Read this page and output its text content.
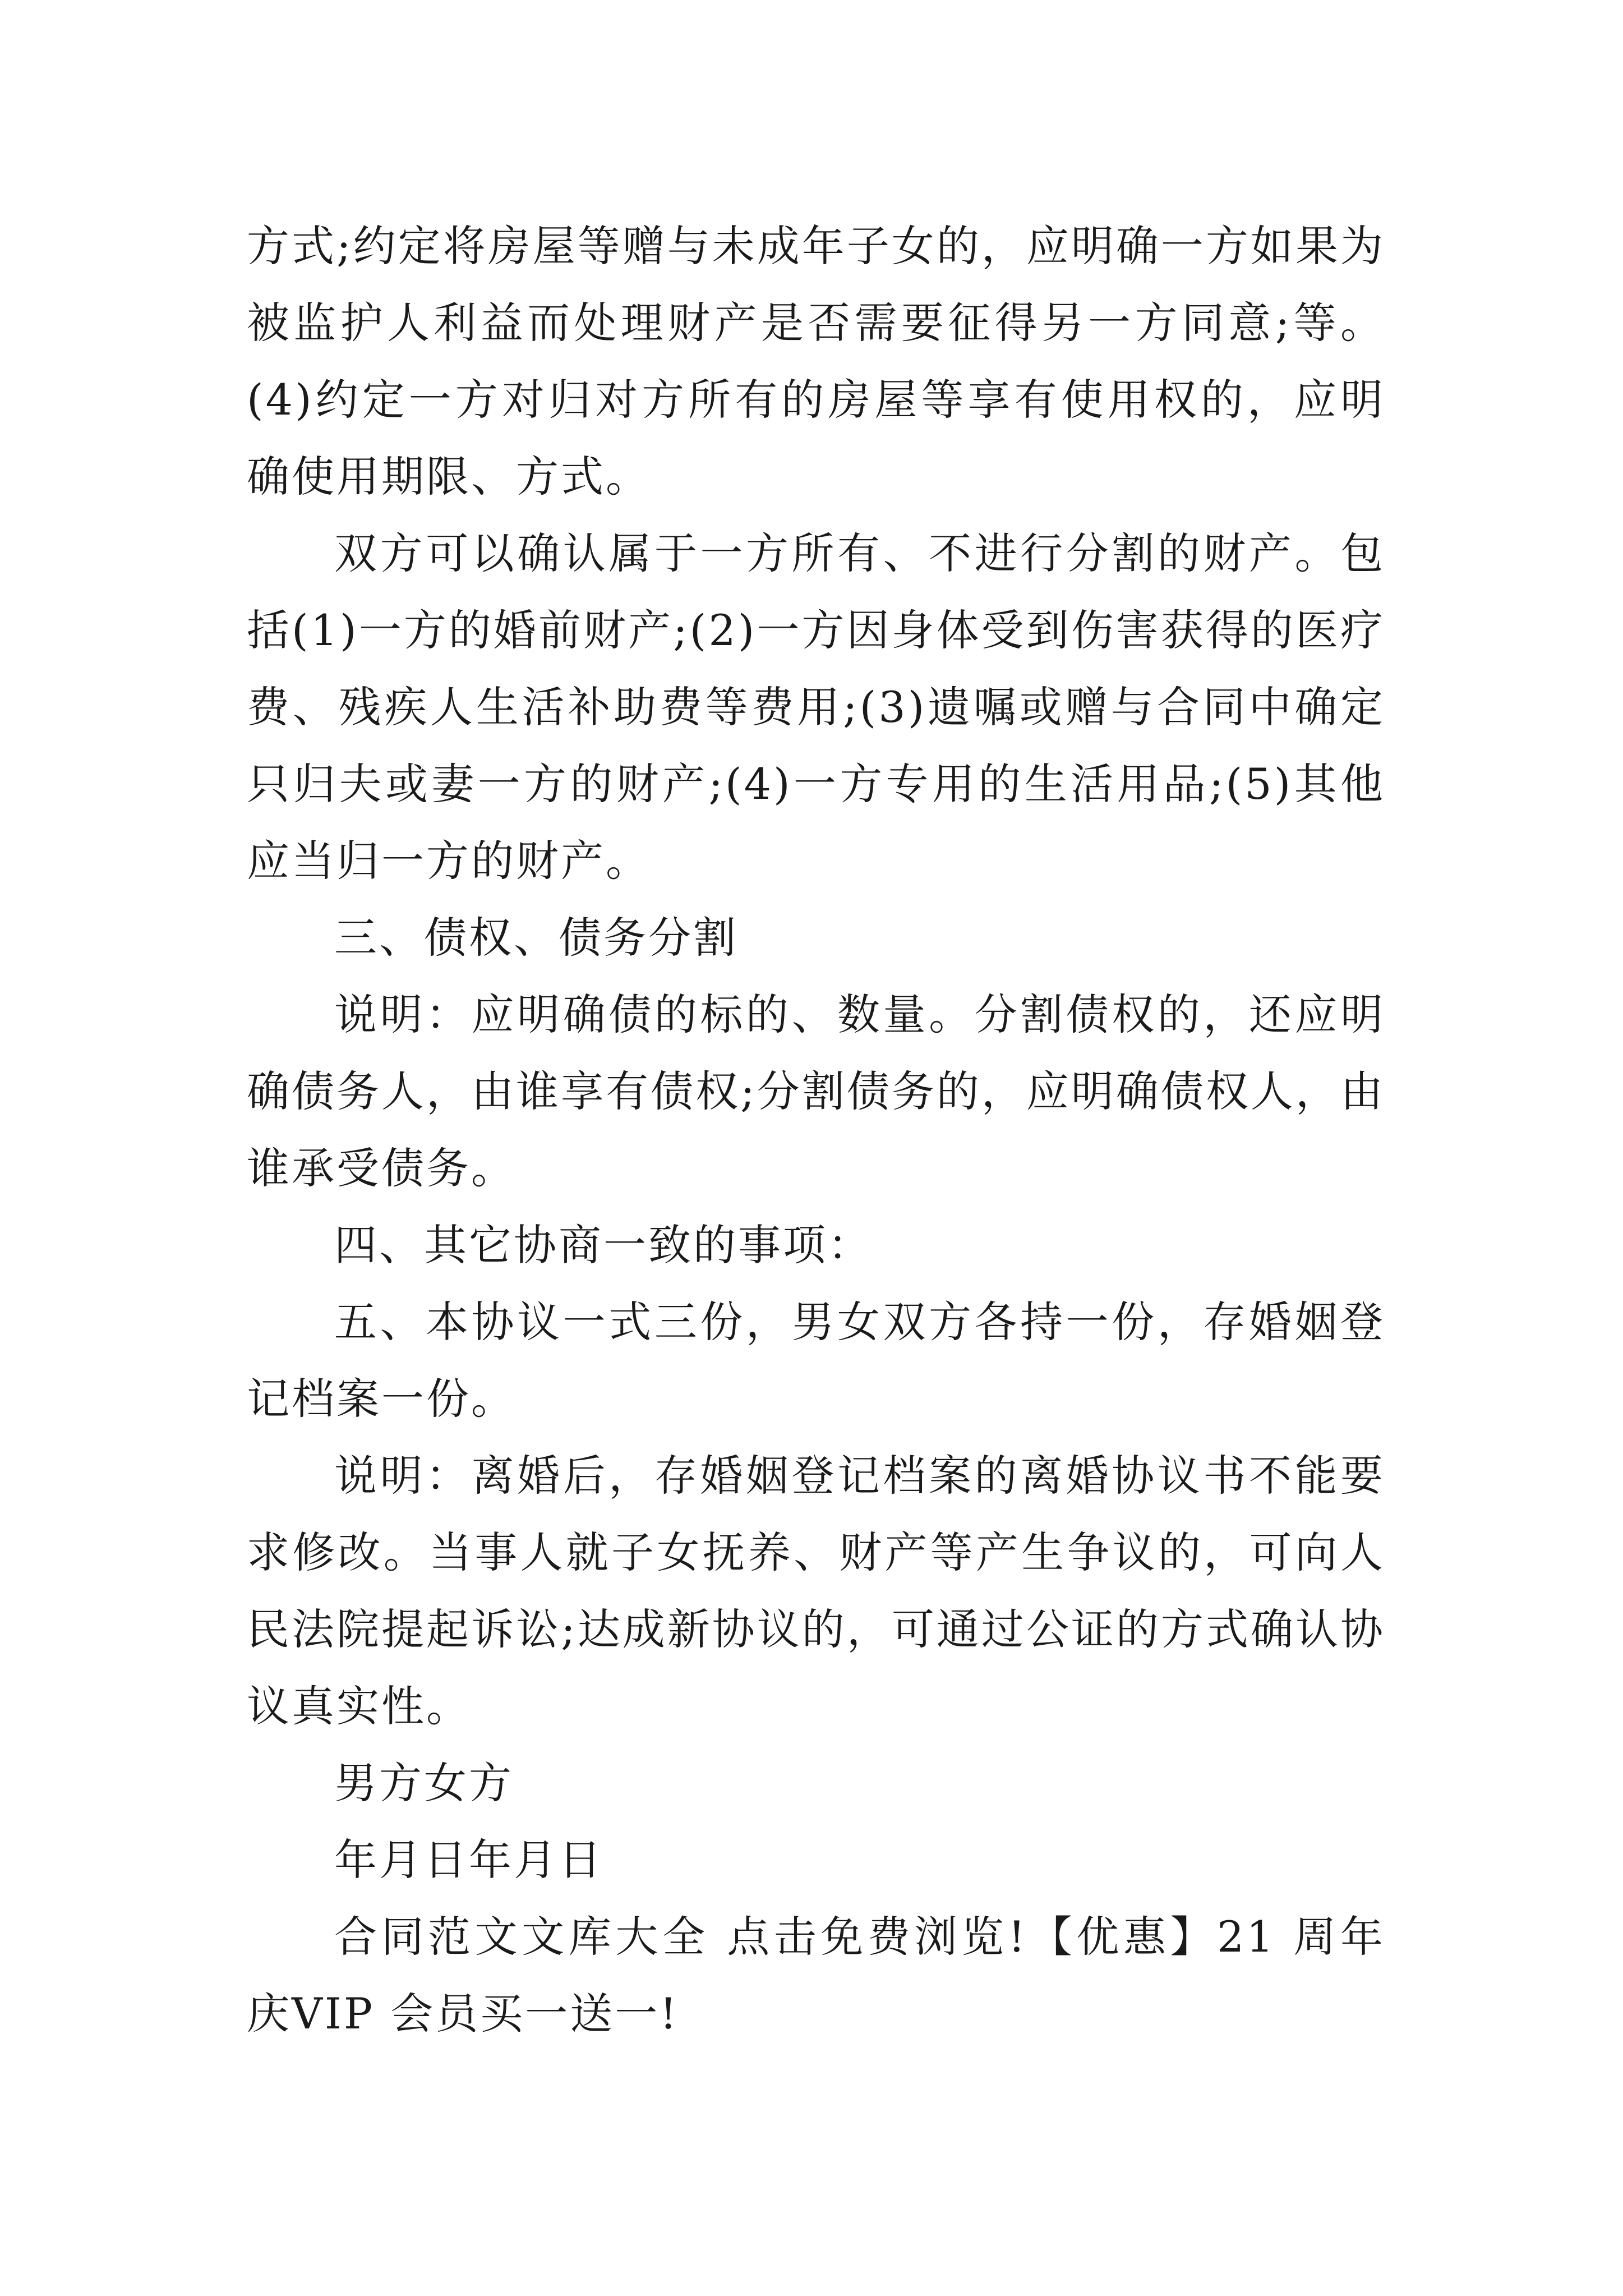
方式;约定将房屋等赠与未成年子女的，应明确一方如果为被监护人利益而处理财产是否需要征得另一方同意;等。(4)约定一方对归对方所有的房屋等享有使用权的，应明确使用期限、方式。

双方可以确认属于一方所有、不进行分割的财产。包括(1)一方的婚前财产;(2)一方因身体受到伤害获得的医疗费、残疾人生活补助费等费用;(3)遗嘱或赠与合同中确定只归夫或妻一方的财产;(4)一方专用的生活用品;(5)其他应当归一方的财产。

三、债权、债务分割

说明：应明确债的标的、数量。分割债权的，还应明确债务人，由谁享有债权;分割债务的，应明确债权人，由谁承受债务。

四、其它协商一致的事项：

五、本协议一式三份，男女双方各持一份，存婚姻登记档案一份。

说明：离婚后，存婚姻登记档案的离婚协议书不能要求修改。当事人就子女抚养、财产等产生争议的，可向人民法院提起诉讼;达成新协议的，可通过公证的方式确认协议真实性。

男方女方

年月日年月日

合同范文文库大全 点击免费浏览!【优惠】21 周年庆VIP 会员买一送一!
